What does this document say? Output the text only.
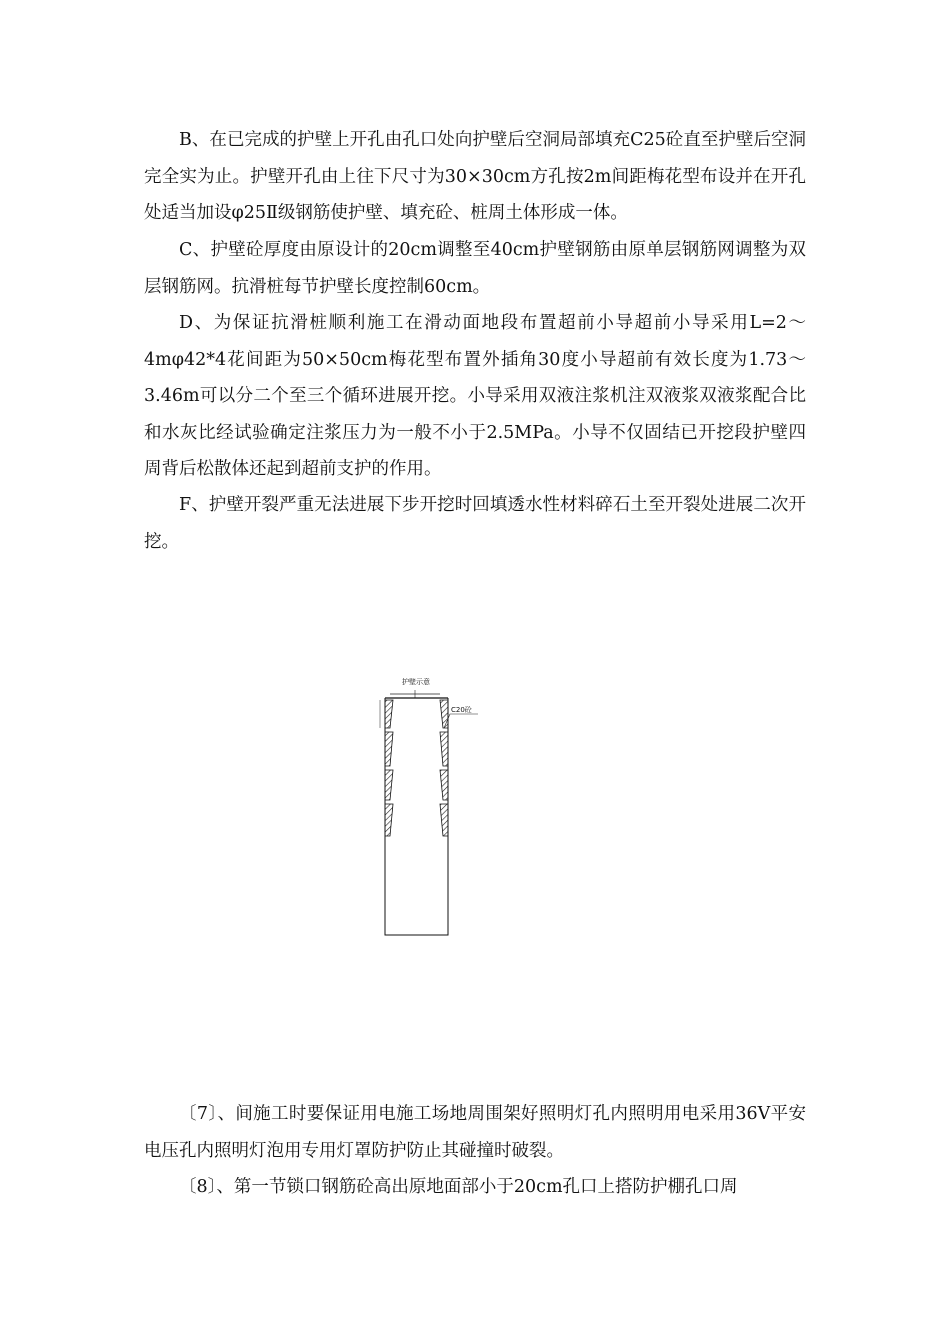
B、在已完成的护壁上开孔由孔口处向护壁后空洞局部填充C25砼直至护壁后空洞完全实为止。护壁开孔由上往下尺寸为30×30cm方孔按2m间距梅花型布设并在开孔处适当加设φ25Ⅱ级钢筋使护壁、填充砼、桩周土体形成一体。

C、护壁砼厚度由原设计的20cm调整至40cm护壁钢筋由原单层钢筋网调整为双层钢筋网。抗滑桩每节护壁长度控制60cm。

D、为保证抗滑桩顺利施工在滑动面地段布置超前小导超前小导采用L=2～4mφ42*4花间距为50×50cm梅花型布置外插角30度小导超前有效长度为1.73～3.46m可以分二个至三个循环进展开挖。小导采用双液注浆机注双液浆双液浆配合比和水灰比经试验确定注浆压力为一般不小于2.5MPa。小导不仅固结已开挖段护壁四周背后松散体还起到超前支护的作用。

F、护壁开裂严重无法进展下步开挖时回填透水性材料碎石土至开裂处进展二次开挖。

护壁示意
C20砼

〔7〕、间施工时要保证用电施工场地周围架好照明灯孔内照明用电采用36V平安电压孔内照明灯泡用专用灯罩防护防止其碰撞时破裂。

〔8〕、第一节锁口钢筋砼高出原地面部小于20cm孔口上搭防护棚孔口周
